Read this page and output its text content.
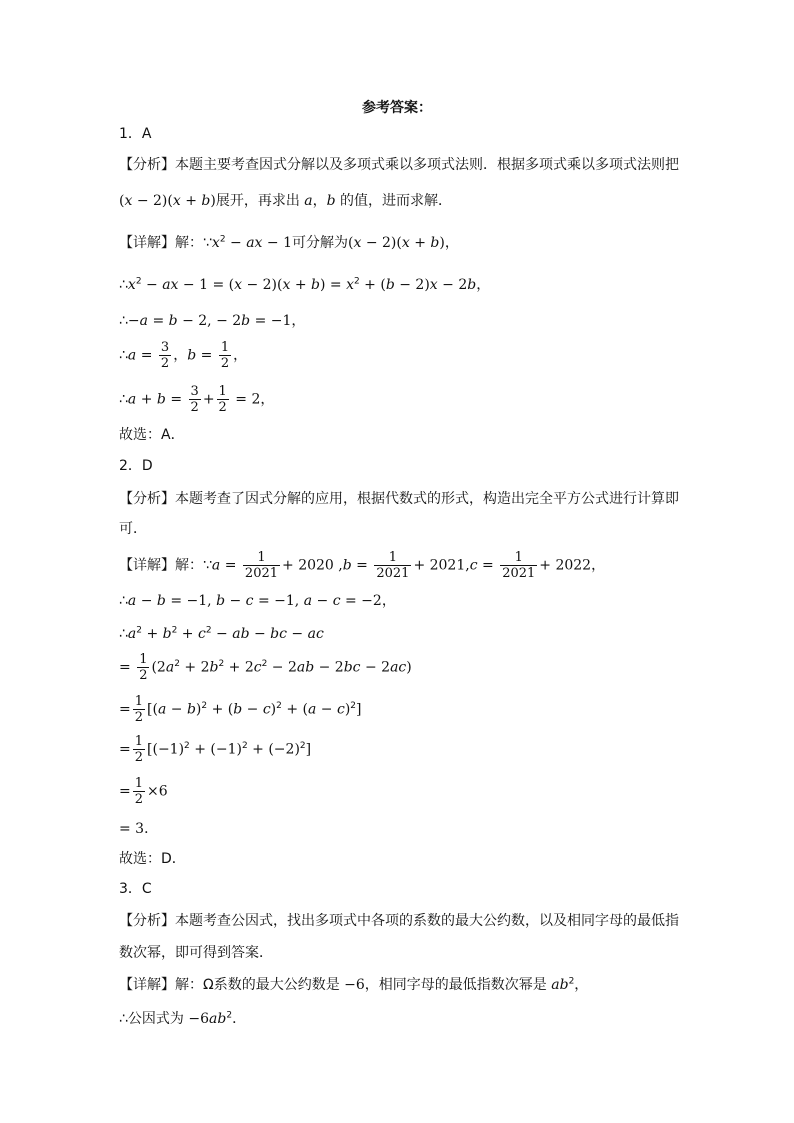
参考答案：
1．A
【分析】本题主要考查因式分解以及多项式乘以多项式法则．根据多项式乘以多项式法则把
(x − 2)(x + b)展开，再求出 a，b 的值，进而求解．
【详解】解：$\because x^2$ − ax − 1可分解为(x − 2)(x + b)，
$\therefore x^2$ − ax − $1 = (x - 2)(x + b) = x^2 + (b - 2)x - 2b$，
∴−a = b − 2, − 2b = −1，
∴a = $\frac{3}{2}$ ，$b = \frac{1}{2}$ ，
∴a + $b = \frac{3}{2} + \frac{1}{2} = 2$，
故选：A．
2．D
【分析】本题考查了因式分解的应用，根据代数式的形式，构造出完全平方公式进行计算即
可．
【详解】解：∵a = $\frac{1}{2021} + 2020$ $,b = \frac{1}{2021} + 2021,c = \frac{1}{2021} + 2022$，
∴a − b = −1, b − c = −1, a − c = −2，
$\therefore a^2 + b^2 + c^2$ − ab − bc − ac
= $\frac{1}{2} (2a^2 + 2b^2 + 2c^2 - 2ab - 2bc - 2ac)$
= $\frac{1}{2} [(a - b)^2 + (b - c)^2 + (a - c)^2]$
= $\frac{1}{2} [(-1)^2 + (-1)^2 + (-2)^2]$
= $\frac{1}{2} \times 6$
= 3．
故选：D．
3．C
【分析】本题考查公因式，找出多项式中各项的系数的最大公约数，以及相同字母的最低指
数次幂，即可得到答案．
【详解】解：Ω系数的最大公约数是 −6，相同字母的最低指数次幂是 $ab^2$，
∴公因式为 $-6ab^2$．
